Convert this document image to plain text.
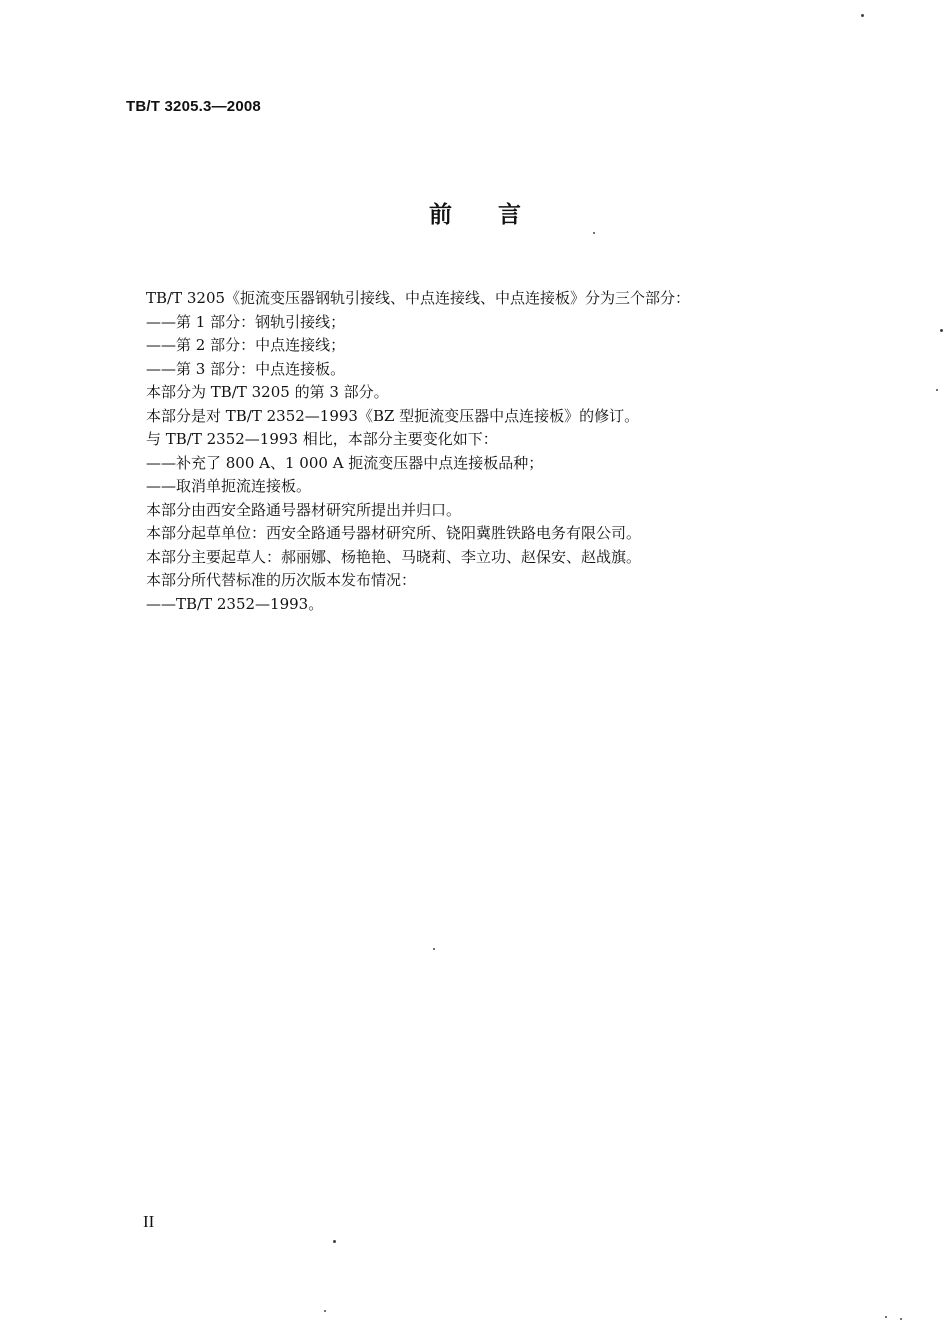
TB/T 3205.3—2008
前言
TB/T 3205《扼流变压器钢轨引接线、中点连接线、中点连接板》分为三个部分：
——第 1 部分：钢轨引接线；
——第 2 部分：中点连接线；
——第 3 部分：中点连接板。
本部分为 TB/T 3205 的第 3 部分。
本部分是对 TB/T 2352—1993《BZ 型扼流变压器中点连接板》的修订。
与 TB/T 2352—1993 相比，本部分主要变化如下：
——补充了 800 A、1 000 A 扼流变压器中点连接板品种；
——取消单扼流连接板。
本部分由西安全路通号器材研究所提出并归口。
本部分起草单位：西安全路通号器材研究所、铙阳冀胜铁路电务有限公司。
本部分主要起草人：郝丽娜、杨艳艳、马晓莉、李立功、赵保安、赵战旗。
本部分所代替标准的历次版本发布情况：
——TB/T 2352—1993。
II
